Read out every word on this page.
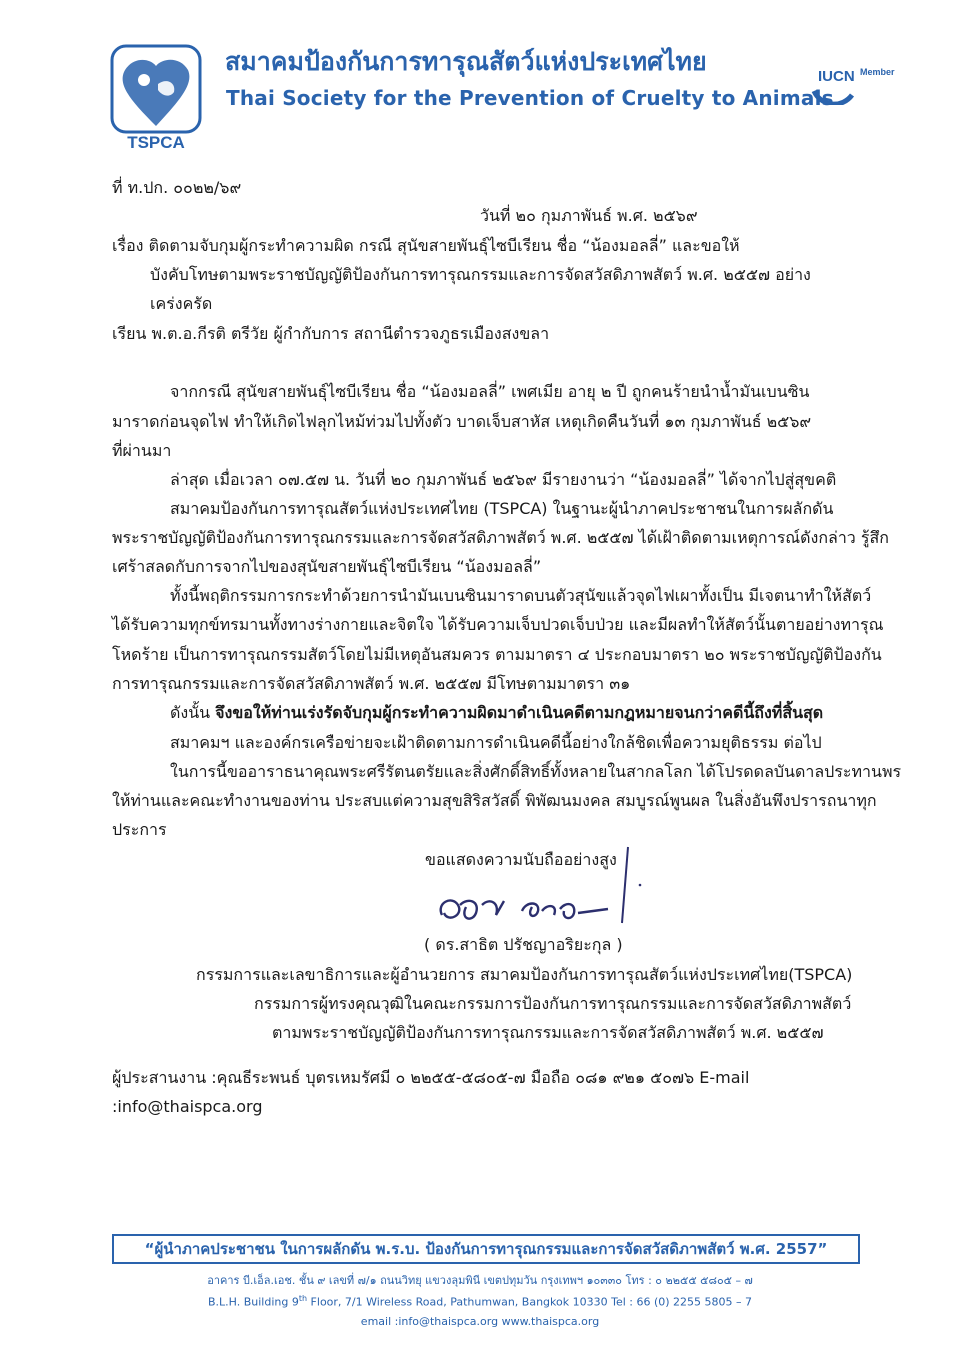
TSPCA
สมาคมป้องกันการทารุณสัตว์แห่งประเทศไทย
Thai Society for the Prevention of Cruelty to Animals
IUCN Member
ที่ ท.ปก. ๐๐๒๒/๖๙
วันที่ ๒๐ กุมภาพันธ์ พ.ศ. ๒๕๖๙
เรื่อง ติดตามจับกุมผู้กระทำความผิด กรณี สุนัขสายพันธุ์ไซบีเรียน ชื่อ “น้องมอลลี่” และขอให้
บังคับโทษตามพระราชบัญญัติป้องกันการทารุณกรรมและการจัดสวัสดิภาพสัตว์ พ.ศ. ๒๕๕๗ อย่าง
เคร่งครัด
เรียน พ.ต.อ.กีรติ ตรีวัย ผู้กำกับการ สถานีตำรวจภูธรเมืองสงขลา
จากกรณี สุนัขสายพันธุ์ไซบีเรียน ชื่อ “น้องมอลลี่” เพศเมีย อายุ ๒ ปี ถูกคนร้ายนำน้ำมันเบนซิน
มาราดก่อนจุดไฟ ทำให้เกิดไฟลุกไหม้ท่วมไปทั้งตัว บาดเจ็บสาหัส เหตุเกิดคืนวันที่ ๑๓ กุมภาพันธ์ ๒๕๖๙
ที่ผ่านมา
ล่าสุด เมื่อเวลา ๐๗.๕๗ น. วันที่ ๒๐ กุมภาพันธ์ ๒๕๖๙ มีรายงานว่า “น้องมอลลี่” ได้จากไปสู่สุขคติ
สมาคมป้องกันการทารุณสัตว์แห่งประเทศไทย (TSPCA) ในฐานะผู้นำภาคประชาชนในการผลักดัน
พระราชบัญญัติป้องกันการทารุณกรรมและการจัดสวัสดิภาพสัตว์ พ.ศ. ๒๕๕๗ ได้เฝ้าติดตามเหตุการณ์ดังกล่าว รู้สึก
เศร้าสลดกับการจากไปของสุนัขสายพันธุ์ไซบีเรียน “น้องมอลลี่”
ทั้งนี้พฤติกรรมการกระทำด้วยการนำมันเบนซินมาราดบนตัวสุนัขแล้วจุดไฟเผาทั้งเป็น มีเจตนาทำให้สัตว์
ได้รับความทุกข์ทรมานทั้งทางร่างกายและจิตใจ ได้รับความเจ็บปวดเจ็บป่วย และมีผลทำให้สัตว์นั้นตายอย่างทารุณ
โหดร้าย เป็นการทารุณกรรมสัตว์โดยไม่มีเหตุอันสมควร ตามมาตรา ๔ ประกอบมาตรา ๒๐ พระราชบัญญัติป้องกัน
การทารุณกรรมและการจัดสวัสดิภาพสัตว์ พ.ศ. ๒๕๕๗ มีโทษตามมาตรา ๓๑
ดังนั้น จึงขอให้ท่านเร่งรัดจับกุมผู้กระทำความผิดมาดำเนินคดีตามกฎหมายจนกว่าคดีนี้ถึงที่สิ้นสุด
สมาคมฯ และองค์กรเครือข่ายจะเฝ้าติดตามการดำเนินคดีนี้อย่างใกล้ชิดเพื่อความยุติธรรม ต่อไป
ในการนี้ขออาราธนาคุณพระศรีรัตนตรัยและสิ่งศักดิ์สิทธิ์ทั้งหลายในสากลโลก ได้โปรดดลบันดาลประทานพร
ให้ท่านและคณะทำงานของท่าน ประสบแต่ความสุขสิริสวัสดิ์ พิพัฒนมงคล สมบูรณ์พูนผล ในสิ่งอันพึงปรารถนาทุก
ประการ
ขอแสดงความนับถืออย่างสูง
( ดร.สาธิต ปรัชญาอริยะกุล )
กรรมการและเลขาธิการและผู้อำนวยการ สมาคมป้องกันการทารุณสัตว์แห่งประเทศไทย(TSPCA)
กรรมการผู้ทรงคุณวุฒิในคณะกรรมการป้องกันการทารุณกรรมและการจัดสวัสดิภาพสัตว์
ตามพระราชบัญญัติป้องกันการทารุณกรรมและการจัดสวัสดิภาพสัตว์ พ.ศ. ๒๕๕๗
ผู้ประสานงาน :คุณธีระพนธ์ บุตรเหมรัศมี ๐ ๒๒๕๕-๕๘๐๕-๗ มือถือ ๐๘๑ ๙๒๑ ๕๐๗๖ E-mail
:info@thaispca.org
“ผู้นำภาคประชาชน ในการผลักดัน พ.ร.บ. ป้องกันการทารุณกรรมและการจัดสวัสดิภาพสัตว์ พ.ศ. 2557”
อาคาร บี.เอ็ล.เอช. ชั้น ๙ เลขที่ ๗/๑ ถนนวิทยุ แขวงลุมพินี เขตปทุมวัน กรุงเทพฯ ๑๐๓๓๐ โทร : ๐ ๒๒๕๕ ๕๘๐๕ – ๗
B.L.H. Building 9th Floor, 7/1 Wireless Road, Pathumwan, Bangkok 10330 Tel : 66 (0) 2255 5805 – 7
email :info@thaispca.org www.thaispca.org
